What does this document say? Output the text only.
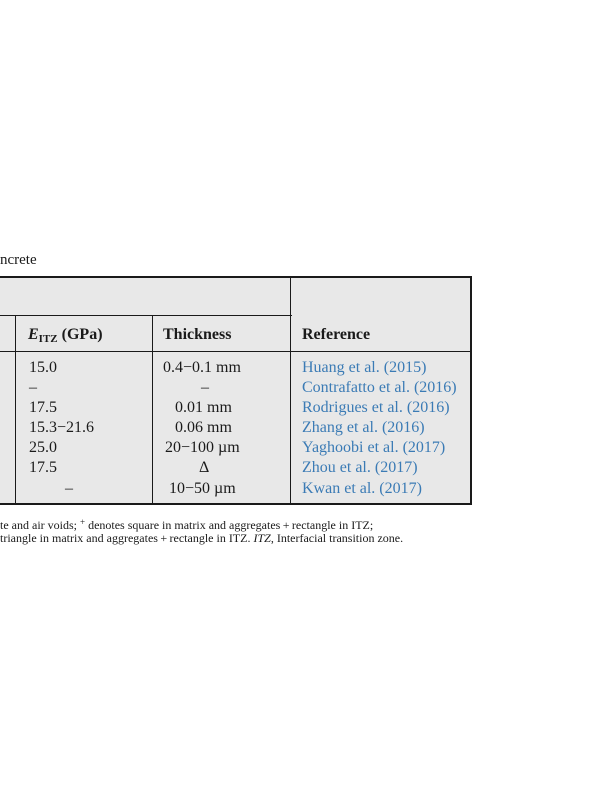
ncrete
$E_{ITZ}$ (GPa)	Thickness	Reference
15.0	0.4−0.1 mm	Huang et al. (2015)
–	–	Contrafatto et al. (2016)
17.5	0.01 mm	Rodrigues et al. (2016)
15.3−21.6	0.06 mm	Zhang et al. (2016)
25.0	20−100 µm	Yaghoobi et al. (2017)
17.5	Δ	Zhou et al. (2017)
–	10−50 µm	Kwan et al. (2017)
te and air voids; + denotes square in matrix and aggregates + rectangle in ITZ;
triangle in matrix and aggregates + rectangle in ITZ. ITZ, Interfacial transition zone.
